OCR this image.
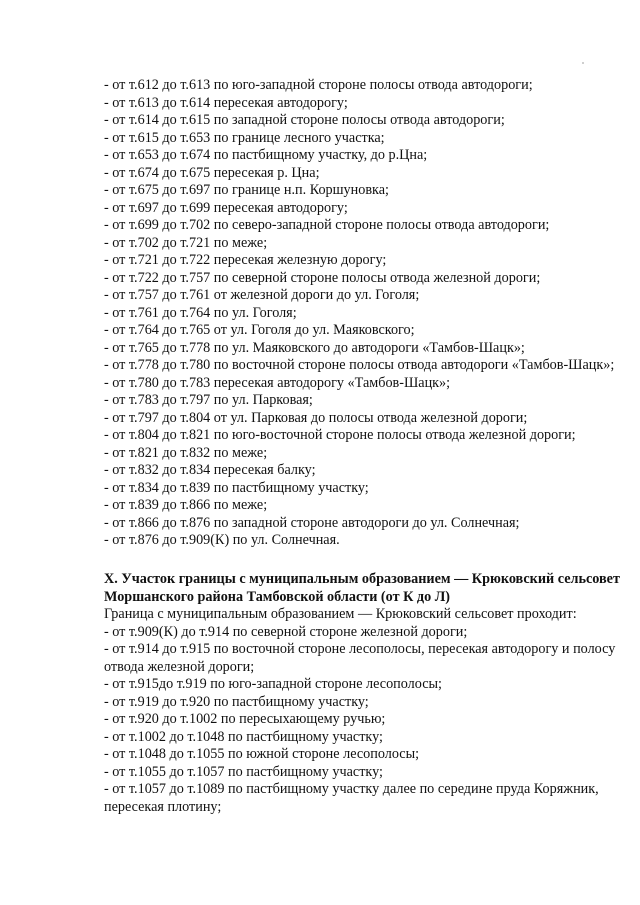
- от т.612 до т.613 по юго-западной стороне полосы отвода автодороги;

- от т.613 до т.614 пересекая автодорогу;

- от т.614 до т.615 по западной стороне полосы отвода автодороги;

- от т.615 до т.653 по границе лесного участка;

- от т.653 до т.674 по пастбищному участку, до р.Цна;

- от т.674 до т.675 пересекая р. Цна;

- от т.675 до т.697 по границе н.п. Коршуновка;

- от т.697 до т.699 пересекая автодорогу;

- от т.699 до т.702 по северо-западной стороне полосы отвода автодороги;

- от т.702 до т.721 по меже;

- от т.721 до т.722 пересекая железную дорогу;

- от т.722 до т.757 по северной стороне полосы отвода железной дороги;

- от т.757 до т.761 от железной дороги до ул. Гоголя;

- от т.761 до т.764 по ул. Гоголя;

- от т.764 до т.765 от ул. Гоголя до ул. Маяковского;

- от т.765 до т.778 по ул. Маяковского до автодороги «Тамбов-Шацк»;

- от т.778 до т.780 по восточной стороне полосы отвода автодороги «Тамбов-Шацк»;

- от т.780 до т.783 пересекая автодорогу «Тамбов-Шацк»;

- от т.783 до т.797 по ул. Парковая;

- от т.797 до т.804 от ул. Парковая до полосы отвода железной дороги;

- от т.804 до т.821 по юго-восточной стороне полосы отвода железной дороги;

- от т.821 до т.832 по меже;

- от т.832 до т.834 пересекая балку;

- от т.834 до т.839 по пастбищному участку;

- от т.839 до т.866 по меже;

- от т.866 до т.876 по западной стороне автодороги до ул. Солнечная;

- от т.876 до т.909(К) по ул. Солнечная.

X. Участок границы с муниципальным образованием — Крюковский сельсовет Моршанского района Тамбовской области (от К до Л)

Граница с муниципальным образованием — Крюковский сельсовет проходит:

- от т.909(К) до т.914 по северной стороне железной дороги;

- от т.914 до т.915 по восточной стороне лесополосы, пересекая автодорогу и полосу отвода железной дороги;

- от т.915до т.919 по юго-западной стороне лесополосы;

- от т.919 до т.920 по пастбищному участку;

- от т.920 до т.1002 по пересыхающему ручью;

- от т.1002 до т.1048 по пастбищному участку;

- от т.1048 до т.1055 по южной стороне лесополосы;

- от т.1055 до т.1057 по пастбищному участку;

- от т.1057 до т.1089 по пастбищному участку далее по середине пруда Коряжник, пересекая плотину;
